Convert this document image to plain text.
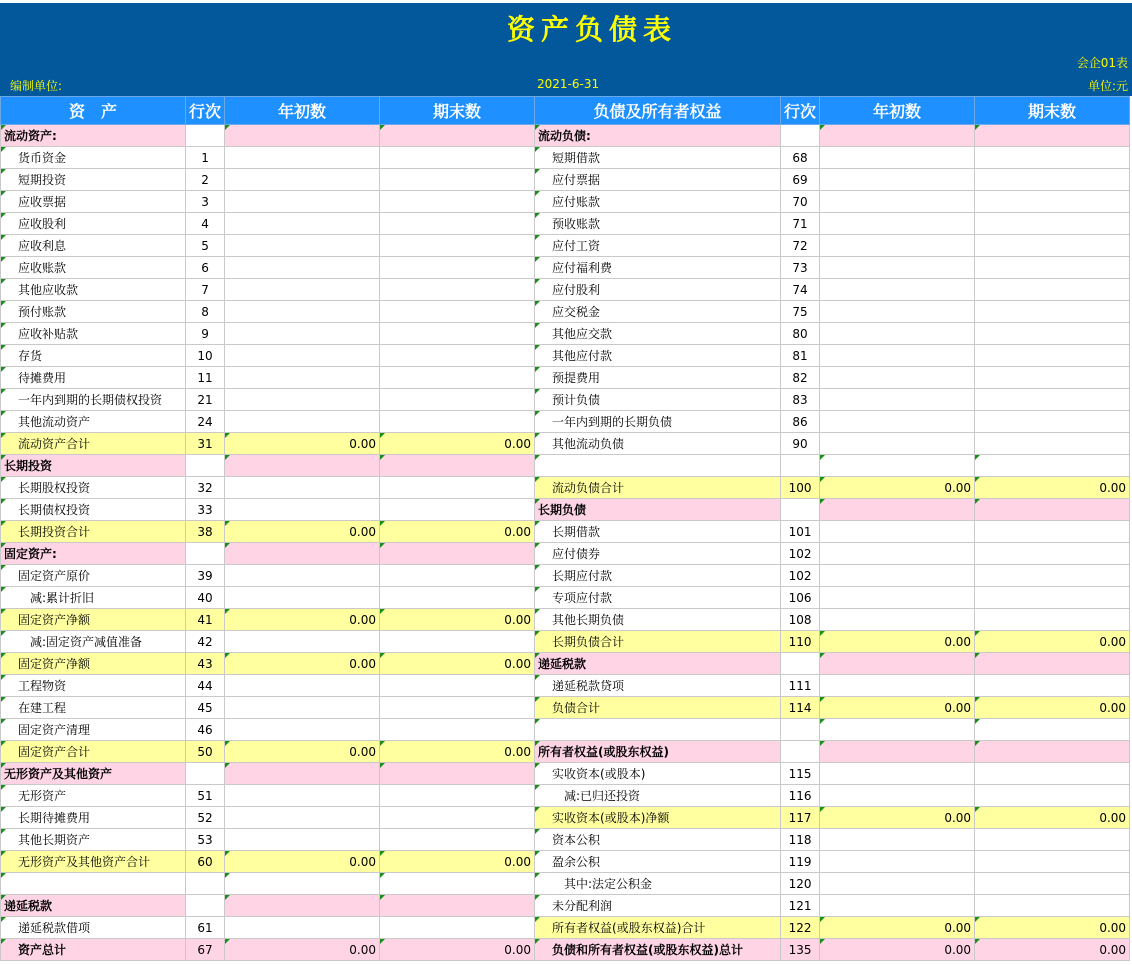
资产负债表
会企01表
编制单位:	2021-6-31	单位:元
资　产	行次	年初数	期末数	负债及所有者权益	行次	年初数	期末数
流动资产:				流动负债:			
货币资金	1			短期借款	68		
短期投资	2			应付票据	69		
应收票据	3			应付账款	70		
应收股利	4			预收账款	71		
应收利息	5			应付工资	72		
应收账款	6			应付福利费	73		
其他应收款	7			应付股利	74		
预付账款	8			应交税金	75		
应收补贴款	9			其他应交款	80		
存货	10			其他应付款	81		
待摊费用	11			预提费用	82		
一年内到期的长期债权投资	21			预计负债	83		
其他流动资产	24			一年内到期的长期负债	86		
流动资产合计	31	0.00	0.00	其他流动负债	90		
长期投资							
长期股权投资	32			流动负债合计	100	0.00	0.00
长期债权投资	33			长期负债			
长期投资合计	38	0.00	0.00	长期借款	101		
固定资产:				应付债券	102		
固定资产原价	39			长期应付款	102		
减:累计折旧	40			专项应付款	106		
固定资产净额	41	0.00	0.00	其他长期负债	108		
减:固定资产减值准备	42			长期负债合计	110	0.00	0.00
固定资产净额	43	0.00	0.00	递延税款			
工程物资	44			递延税款贷项	111		
在建工程	45			负债合计	114	0.00	0.00
固定资产清理	46						
固定资产合计	50	0.00	0.00	所有者权益(或股东权益)			
无形资产及其他资产				实收资本(或股本)	115		
无形资产	51			减:已归还投资	116		
长期待摊费用	52			实收资本(或股本)净额	117	0.00	0.00
其他长期资产	53			资本公积	118		
无形资产及其他资产合计	60	0.00	0.00	盈余公积	119		
				其中:法定公积金	120		
递延税款				未分配利润	121		
递延税款借项	61			所有者权益(或股东权益)合计	122	0.00	0.00
资产总计	67	0.00	0.00	负债和所有者权益(或股东权益)总计	135	0.00	0.00
